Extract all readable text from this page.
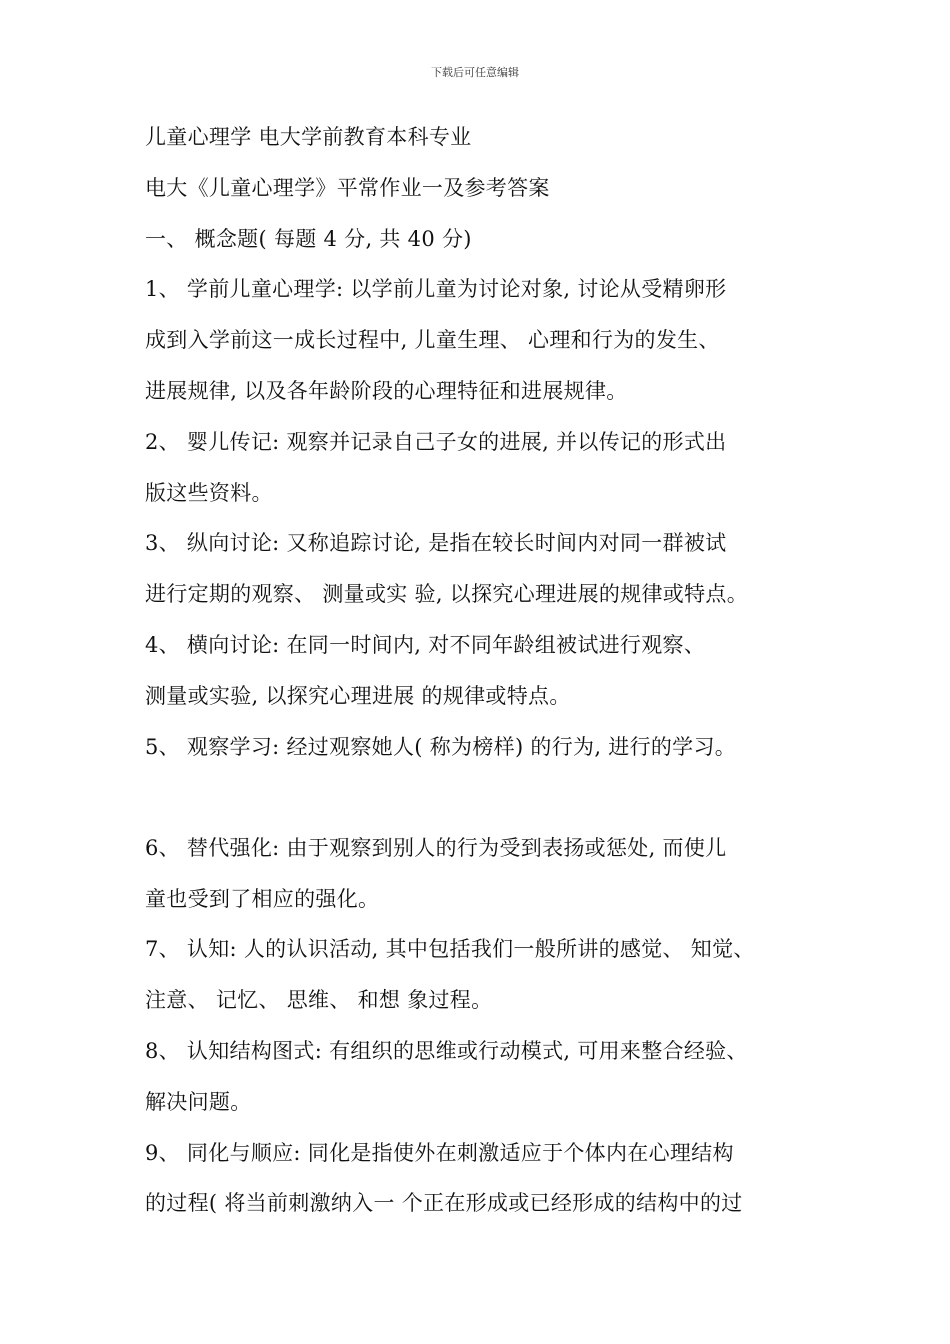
下载后可任意编辑
儿童心理学 电大学前教育本科专业
电大《儿童心理学》平常作业一及参考答案
一、 概念题( 每题 4 分, 共 40 分)
1、 学前儿童心理学: 以学前儿童为讨论对象, 讨论从受精卵形
成到入学前这一成长过程中, 儿童生理、 心理和行为的发生、
进展规律, 以及各年龄阶段的心理特征和进展规律。
2、 婴儿传记: 观察并记录自己子女的进展, 并以传记的形式出
版这些资料。
3、 纵向讨论: 又称追踪讨论, 是指在较长时间内对同一群被试
进行定期的观察、 测量或实 验, 以探究心理进展的规律或特点。
4、 横向讨论: 在同一时间内, 对不同年龄组被试进行观察、
测量或实验, 以探究心理进展 的规律或特点。
5、 观察学习: 经过观察她人( 称为榜样) 的行为, 进行的学习。
6、 替代强化: 由于观察到别人的行为受到表扬或惩处, 而使儿
童也受到了相应的强化。
7、 认知: 人的认识活动, 其中包括我们一般所讲的感觉、 知觉、
注意、 记忆、 思维、 和想 象过程。
8、 认知结构图式: 有组织的思维或行动模式, 可用来整合经验、
解决问题。
9、 同化与顺应: 同化是指使外在刺激适应于个体内在心理结构
的过程( 将当前刺激纳入一 个正在形成或已经形成的结构中的过
